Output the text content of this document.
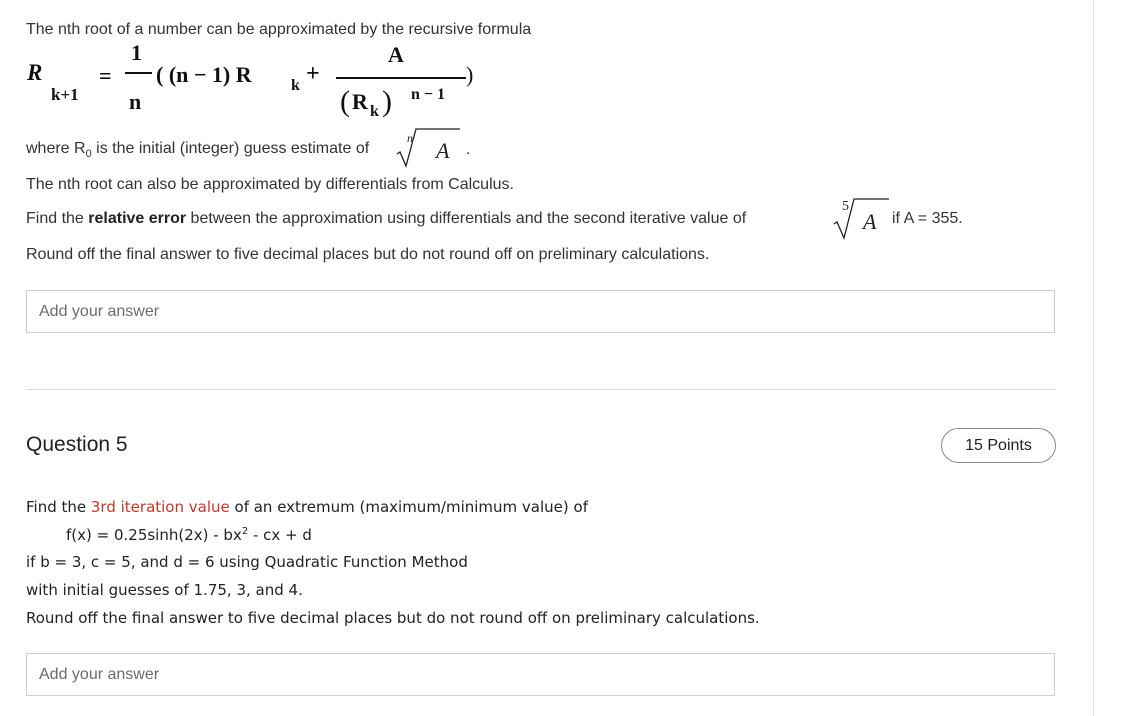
The nth root of a number can be approximated by the recursive formula
R
k+1
=
1
n
( (n − 1) R k +
A
( R k ) n − 1
)
where $R_0$ is the initial (integer) guess estimate of
n A .
The nth root can also be approximated by differentials from Calculus.
Find the relative error between the approximation using differentials and the second iterative value of
5
A if A = 355.
Round off the final answer to five decimal places but do not round off on preliminary calculations.
Add your answer
Question 5	15 Points
Find the 3rd iteration value of an extremum (maximum/minimum value) of
$f(x) = 0.25\sinh(2x) - bx^2$ - cx + d
if b = 3, c = 5, and d = 6 using Quadratic Function Method
with initial guesses of 1.75, 3, and 4.
Round off the final answer to five decimal places but do not round off on preliminary calculations.
Add your answer
